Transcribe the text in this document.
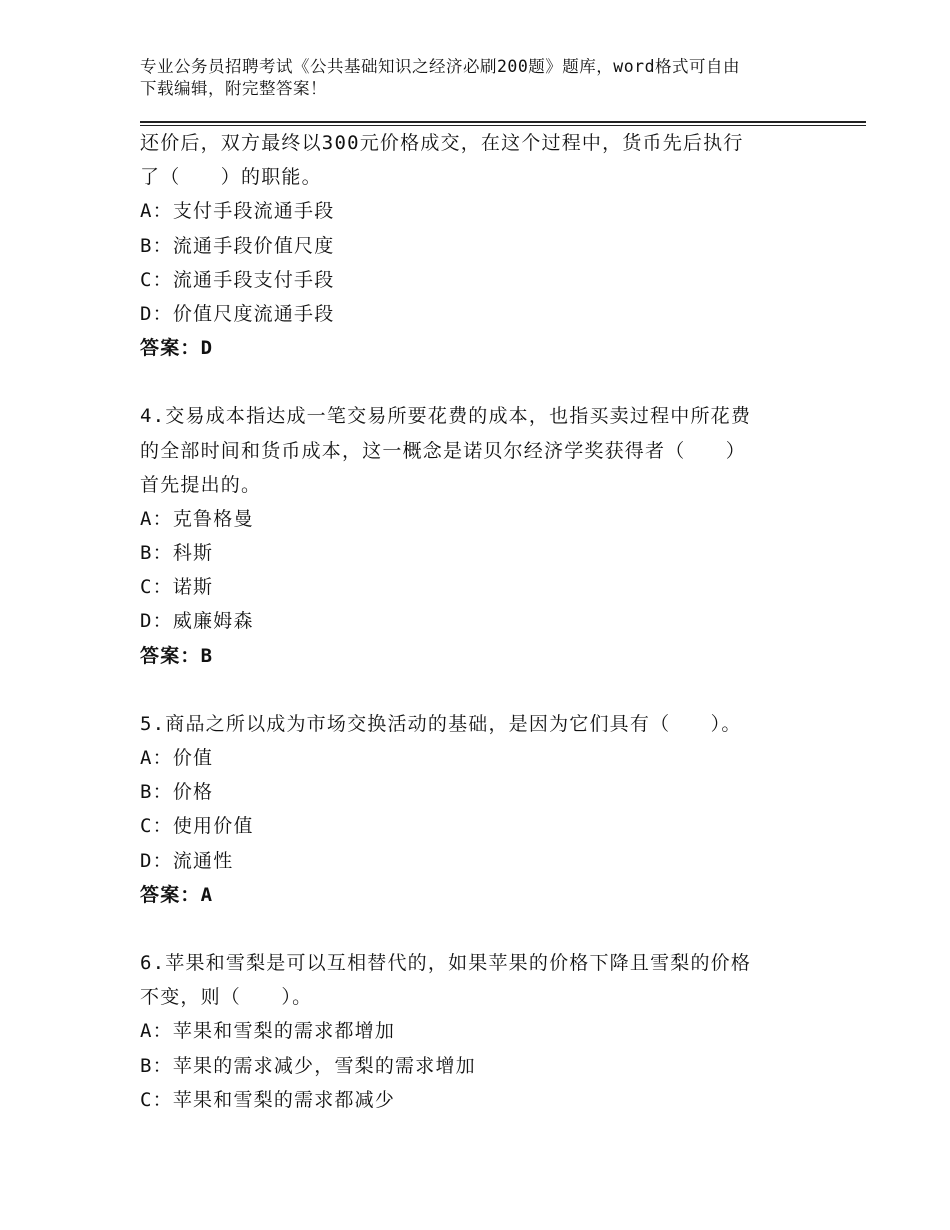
专业公务员招聘考试《公共基础知识之经济必刷200题》题库，word格式可自由
下载编辑，附完整答案！
还价后，双方最终以300元价格成交，在这个过程中，货币先后执行
了（　　）的职能。
A：支付手段流通手段
B：流通手段价值尺度
C：流通手段支付手段
D：价值尺度流通手段
答案：D
4.交易成本指达成一笔交易所要花费的成本，也指买卖过程中所花费
的全部时间和货币成本，这一概念是诺贝尔经济学奖获得者（　　）
首先提出的。
A：克鲁格曼
B：科斯
C：诺斯
D：威廉姆森
答案：B
5.商品之所以成为市场交换活动的基础，是因为它们具有（　　）。
A：价值
B：价格
C：使用价值
D：流通性
答案：A
6.苹果和雪梨是可以互相替代的，如果苹果的价格下降且雪梨的价格
不变，则（　　）。
A：苹果和雪梨的需求都增加
B：苹果的需求减少，雪梨的需求增加
C：苹果和雪梨的需求都减少
